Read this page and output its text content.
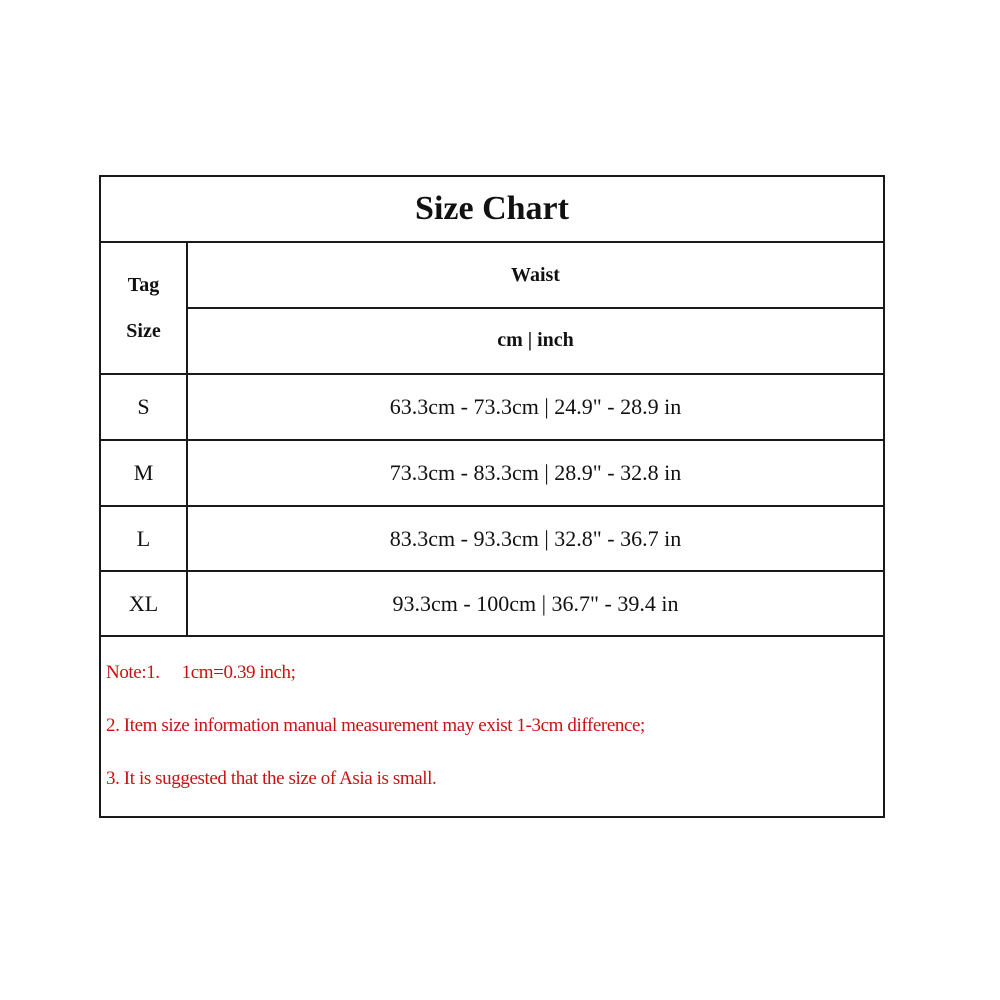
Size Chart
Tag
Size
Waist
cm | inch
S	63.3cm - 73.3cm | 24.9" - 28.9 in
M	73.3cm - 83.3cm | 28.9" - 32.8 in
L	83.3cm - 93.3cm | 32.8" - 36.7 in
XL	93.3cm - 100cm | 36.7" - 39.4 in
Note:1. 1cm=0.39 inch;
2. Item size information manual measurement may exist 1-3cm difference;
3. It is suggested that the size of Asia is small.
